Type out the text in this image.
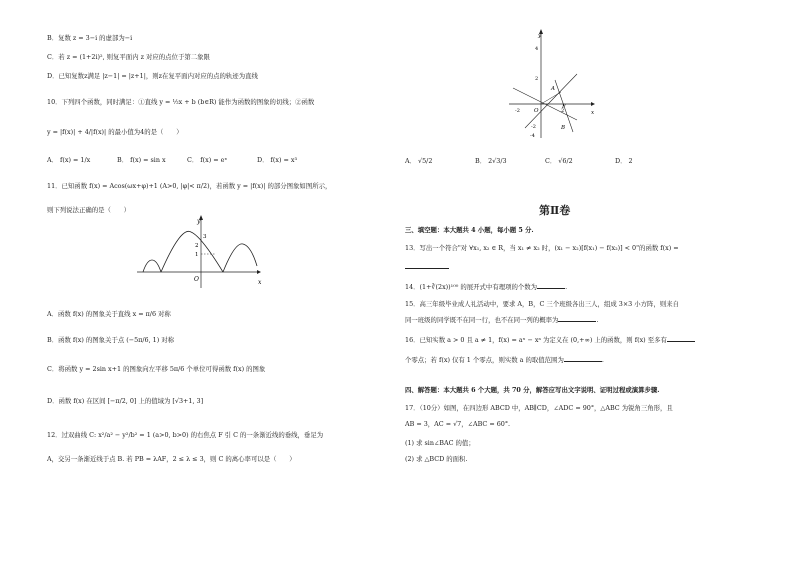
B．复数 z = 3−i 的虚部为−i
C．若 z = (1+2i)², 则复平面内 z 对应的点位于第二象限
D．已知复数z满足 |z−1| = |z+1|，则z在复平面内对应的点的轨迹为直线
10．下列四个函数，同时满足：①直线 y = ½x + b (b∈R) 能作为函数的图象的切线；②函数
y = |f(x)| + 4/|f(x)| 的最小值为4的是（　　）
A． f(x) = 1/x	B． f(x) = sin x	C． f(x) = eˣ	D． f(x) = x³
11．已知函数 f(x) = Acos(ωx+φ)+1 (A>0, |φ|< π/2)，若函数 y = |f(x)| 的部分图象如图所示，
则下列说法正确的是（　　）
y
x
O
3
2
1
A．函数 f(x) 的图象关于直线 x = π/6 对称
B．函数 f(x) 的图象关于点 (−5π/6, 1) 对称
C．将函数 y = 2sin x+1 的图象向左平移 5π/6 个单位可得函数 f(x) 的图象
D．函数 f(x) 在区间 [−π/2, 0] 上的值域为 [√3+1, 3]
12．过双曲线 C: x²/a² − y²/b² = 1 (a>0, b>0) 的右焦点 F 引 C 的一条渐近线的垂线，垂足为
A，交另一条渐近线于点 B. 若 PB = λAF，2 ≤ λ ≤ 3，则 C 的离心率可以是（　　）
y
x
O
4
2
-2
-4
-2	2
A
F
B
A． √5/2	B． 2√3/3	C． √6/2	D． 2
第Ⅱ卷
三、填空题：本大题共 4 小题，每小题 5 分.
13．写出一个符合"对 ∀x₁, x₂ ∈ R，当 x₁ ≠ x₂ 时，(x₁ − x₂)[f(x₁) − f(x₂)] < 0"的函数 f(x) =
14．(1+∛(2x))¹⁰⁰ 的展开式中有理项的个数为	.
15．高三年级毕业成人礼活动中，要求 A，B，C 三个班级各出三人，组成 3×3 小方阵，则来自
同一班级的同学既不在同一行，也不在同一列的概率为	.
16．已知实数 a > 0 且 a ≠ 1，f(x) = aˣ − xᵃ 为定义在 (0,+∞) 上的函数，则 f(x) 至多有
个零点；若 f(x) 仅有 1 个零点，则实数 a 的取值范围为	.
四、解答题：本大题共 6 个大题，共 70 分，解答应写出文字说明、证明过程或演算步骤.
17．（10分）如图，在四边形 ABCD 中，AB∥CD，∠ADC = 90°，△ABC 为锐角三角形，且
AB = 3，AC = √7，∠ABC = 60°.
(1) 求 sin∠BAC 的值；
(2) 求 △BCD 的面积.
